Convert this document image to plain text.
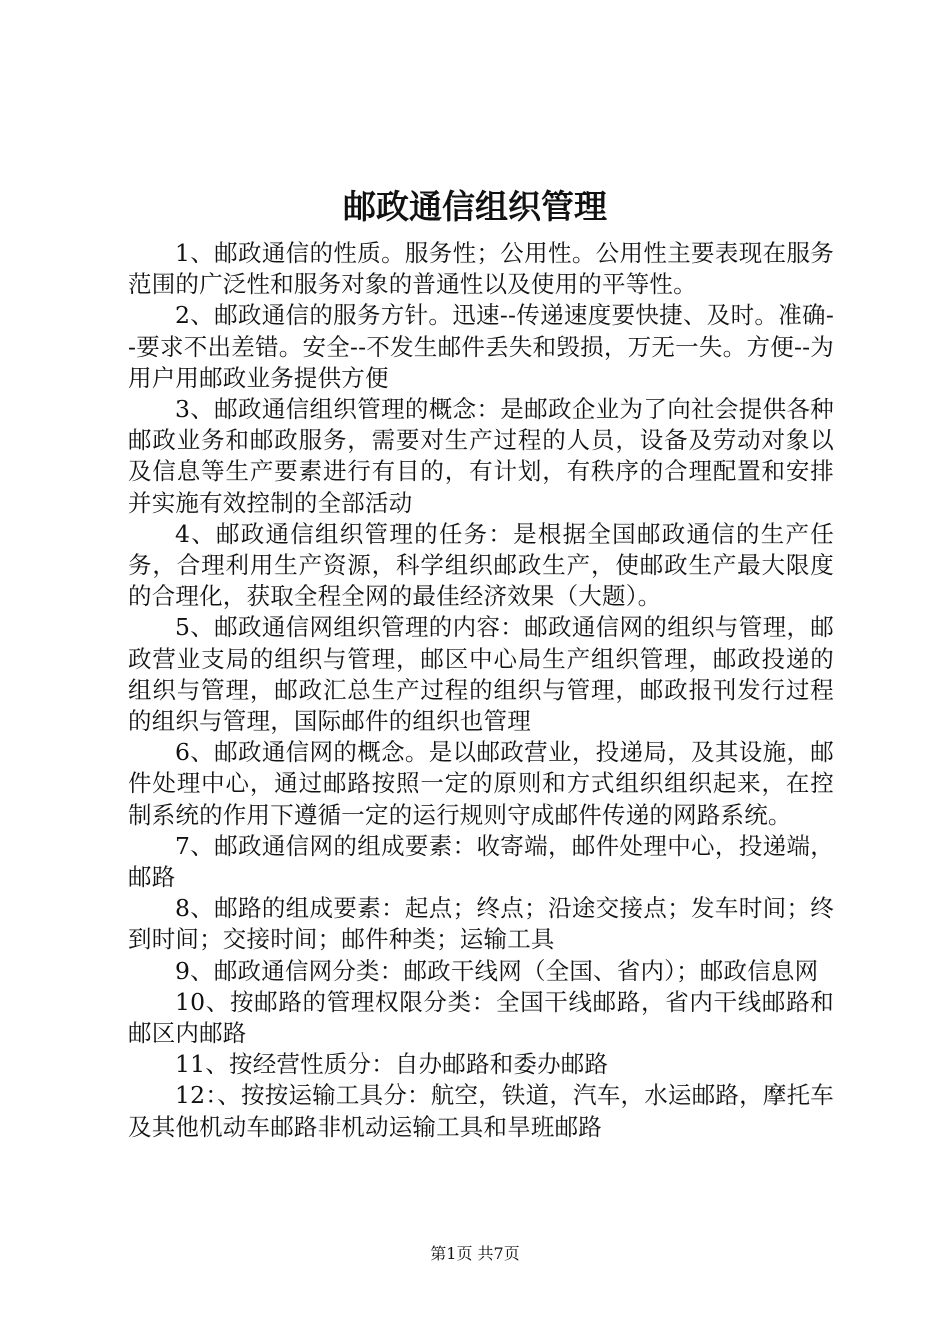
邮政通信组织管理

1、邮政通信的性质。服务性；公用性。公用性主要表现在服务范围的广泛性和服务对象的普通性以及使用的平等性。

2、邮政通信的服务方针。迅速--传递速度要快捷、及时。准确--要求不出差错。安全--不发生邮件丢失和毁损，万无一失。方便--为用户用邮政业务提供方便

3、邮政通信组织管理的概念：是邮政企业为了向社会提供各种邮政业务和邮政服务，需要对生产过程的人员，设备及劳动对象以及信息等生产要素进行有目的，有计划，有秩序的合理配置和安排并实施有效控制的全部活动

4、邮政通信组织管理的任务：是根据全国邮政通信的生产任务，合理利用生产资源，科学组织邮政生产，使邮政生产最大限度的合理化，获取全程全网的最佳经济效果（大题）。

5、邮政通信网组织管理的内容：邮政通信网的组织与管理，邮政营业支局的组织与管理，邮区中心局生产组织管理，邮政投递的组织与管理，邮政汇总生产过程的组织与管理，邮政报刊发行过程的组织与管理，国际邮件的组织也管理

6、邮政通信网的概念。是以邮政营业，投递局，及其设施，邮件处理中心，通过邮路按照一定的原则和方式组织组织起来，在控制系统的作用下遵循一定的运行规则守成邮件传递的网路系统。

7、邮政通信网的组成要素：收寄端，邮件处理中心，投递端，邮路

8、邮路的组成要素：起点；终点；沿途交接点；发车时间；终到时间；交接时间；邮件种类；运输工具

9、邮政通信网分类：邮政干线网（全国、省内）；邮政信息网

10、按邮路的管理权限分类：全国干线邮路，省内干线邮路和邮区内邮路

11、按经营性质分：自办邮路和委办邮路

12：、按按运输工具分：航空，铁道，汽车，水运邮路，摩托车及其他机动车邮路非机动运输工具和旱班邮路

第1页 共7页
